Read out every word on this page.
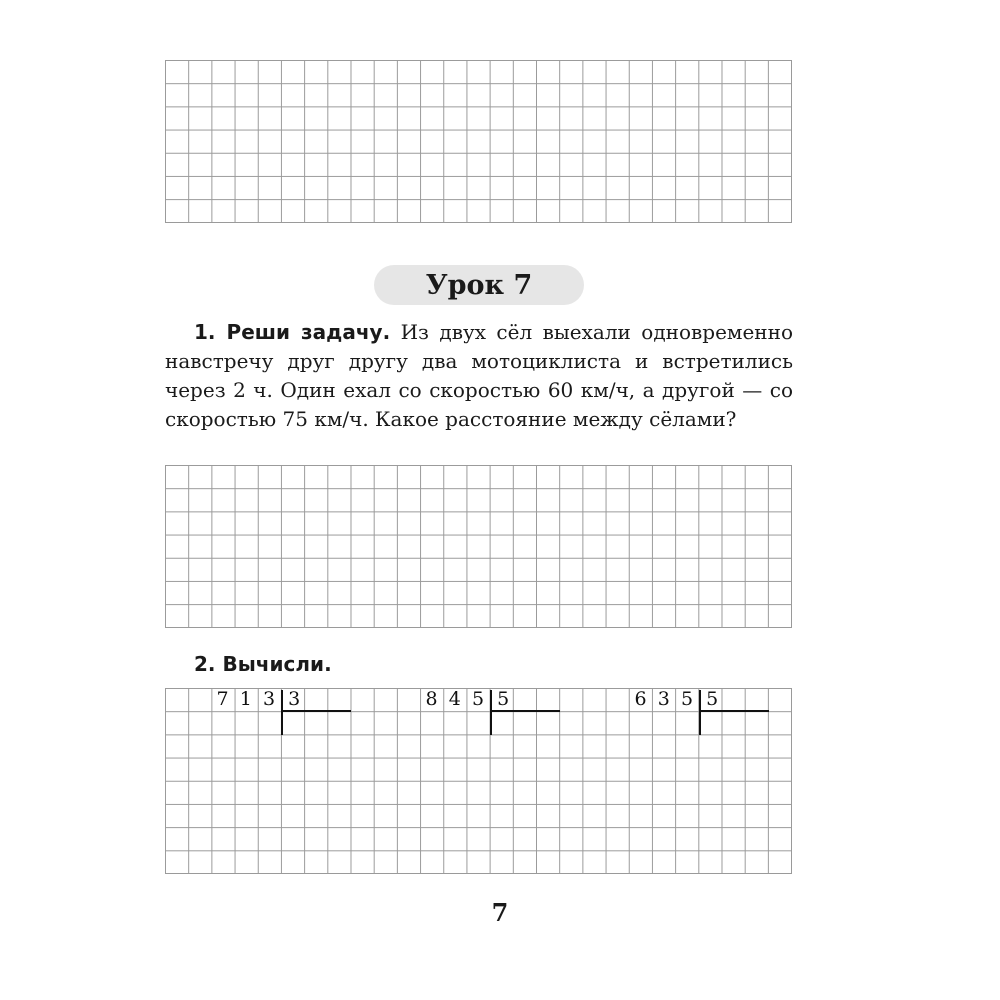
Урок 7
1. Реши задачу. Из двух сёл выехали одновременно навстречу друг другу два мотоциклиста и встретились через 2 ч. Один ехал со скоростью 60 км/ч, а другой — со скоростью 75 км/ч. Какое расстояние между сёлами?
2. Вычисли.
7 1 3 3	8 4 5 5	6 3 5 5
7
